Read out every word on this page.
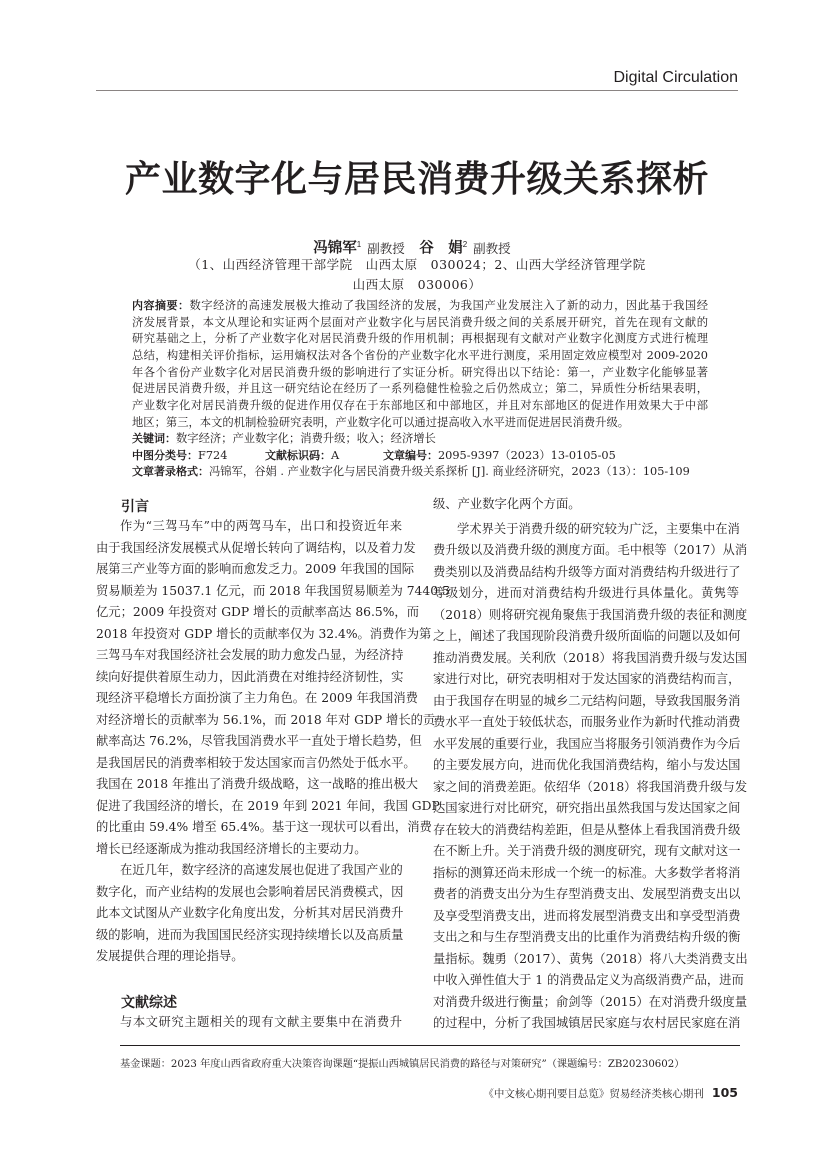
Digital Circulation
产业数字化与居民消费升级关系探析
冯锦军$^1$ 副教授 谷　娟$^2$ 副教授
（1、山西经济管理干部学院　山西太原　030024；2、山西大学经济管理学院
山西太原　030006）
内容摘要：数字经济的高速发展极大推动了我国经济的发展，为我国产业发展注入了新的动力，因此基于我国经
济发展背景，本文从理论和实证两个层面对产业数字化与居民消费升级之间的关系展开研究，首先在现有文献的
研究基础之上，分析了产业数字化对居民消费升级的作用机制；再根据现有文献对产业数字化测度方式进行梳理
总结，构建相关评价指标，运用熵权法对各个省份的产业数字化水平进行测度，采用固定效应模型对 2009-2020
年各个省份产业数字化对居民消费升级的影响进行了实证分析。研究得出以下结论：第一，产业数字化能够显著
促进居民消费升级，并且这一研究结论在经历了一系列稳健性检验之后仍然成立；第二，异质性分析结果表明，
产业数字化对居民消费升级的促进作用仅存在于东部地区和中部地区，并且对东部地区的促进作用效果大于中部
地区；第三，本文的机制检验研究表明，产业数字化可以通过提高收入水平进而促进居民消费升级。
关键词：数字经济；产业数字化；消费升级；收入；经济增长
中图分类号：F724	文献标识码：A	文章编号：2095-9397（2023）13-0105-05
文章著录格式：冯锦军，谷娟 . 产业数字化与居民消费升级关系探析 [J]. 商业经济研究，2023（13）：105-109
引言
作为“三驾马车”中的两驾马车，出口和投资近年来
由于我国经济发展模式从促增长转向了调结构，以及着力发
展第三产业等方面的影响而愈发乏力。2009 年我国的国际
贸易顺差为 15037.1 亿元，而 2018 年我国贸易顺差为 7440.5
亿元；2009 年投资对 GDP 增长的贡献率高达 86.5%，而
2018 年投资对 GDP 增长的贡献率仅为 32.4%。消费作为第
三驾马车对我国经济社会发展的助力愈发凸显，为经济持
续向好提供着原生动力，因此消费在对维持经济韧性，实
现经济平稳增长方面扮演了主力角色。在 2009 年我国消费
对经济增长的贡献率为 56.1%，而 2018 年对 GDP 增长的贡
献率高达 76.2%，尽管我国消费水平一直处于增长趋势，但
是我国居民的消费率相较于发达国家而言仍然处于低水平。
我国在 2018 年推出了消费升级战略，这一战略的推出极大
促进了我国经济的增长，在 2019 年到 2021 年间，我国 GDP
的比重由 59.4% 增至 65.4%。基于这一现状可以看出，消费
增长已经逐渐成为推动我国经济增长的主要动力。
在近几年，数字经济的高速发展也促进了我国产业的
数字化，而产业结构的发展也会影响着居民消费模式，因
此本文试图从产业数字化角度出发，分析其对居民消费升
级的影响，进而为我国国民经济实现持续增长以及高质量
发展提供合理的理论指导。
文献综述
与本文研究主题相关的现有文献主要集中在消费升
级、产业数字化两个方面。
学术界关于消费升级的研究较为广泛，主要集中在消
费升级以及消费升级的测度方面。毛中根等（2017）从消
费类别以及消费品结构升级等方面对消费结构升级进行了
等级划分，进而对消费结构升级进行具体量化。黄隽等
（2018）则将研究视角聚焦于我国消费升级的表征和测度
之上，阐述了我国现阶段消费升级所面临的问题以及如何
推动消费发展。关利欣（2018）将我国消费升级与发达国
家进行对比，研究表明相对于发达国家的消费结构而言，
由于我国存在明显的城乡二元结构问题，导致我国服务消
费水平一直处于较低状态，而服务业作为新时代推动消费
水平发展的重要行业，我国应当将服务引领消费作为今后
的主要发展方向，进而优化我国消费结构，缩小与发达国
家之间的消费差距。依绍华（2018）将我国消费升级与发
达国家进行对比研究，研究指出虽然我国与发达国家之间
存在较大的消费结构差距，但是从整体上看我国消费升级
在不断上升。关于消费升级的测度研究，现有文献对这一
指标的测算还尚未形成一个统一的标准。大多数学者将消
费者的消费支出分为生存型消费支出、发展型消费支出以
及享受型消费支出，进而将发展型消费支出和享受型消费
支出之和与生存型消费支出的比重作为消费结构升级的衡
量指标。魏勇（2017）、黄隽（2018）将八大类消费支出
中收入弹性值大于 1 的消费品定义为高级消费产品，进而
对消费升级进行衡量；俞剑等（2015）在对消费升级度量
的过程中，分析了我国城镇居民家庭与农村居民家庭在消
基金课题：2023 年度山西省政府重大决策咨询课题“提振山西城镇居民消费的路径与对策研究”（课题编号：ZB20230602）
《中文核心期刊要目总览》贸易经济类核心期刊 105
